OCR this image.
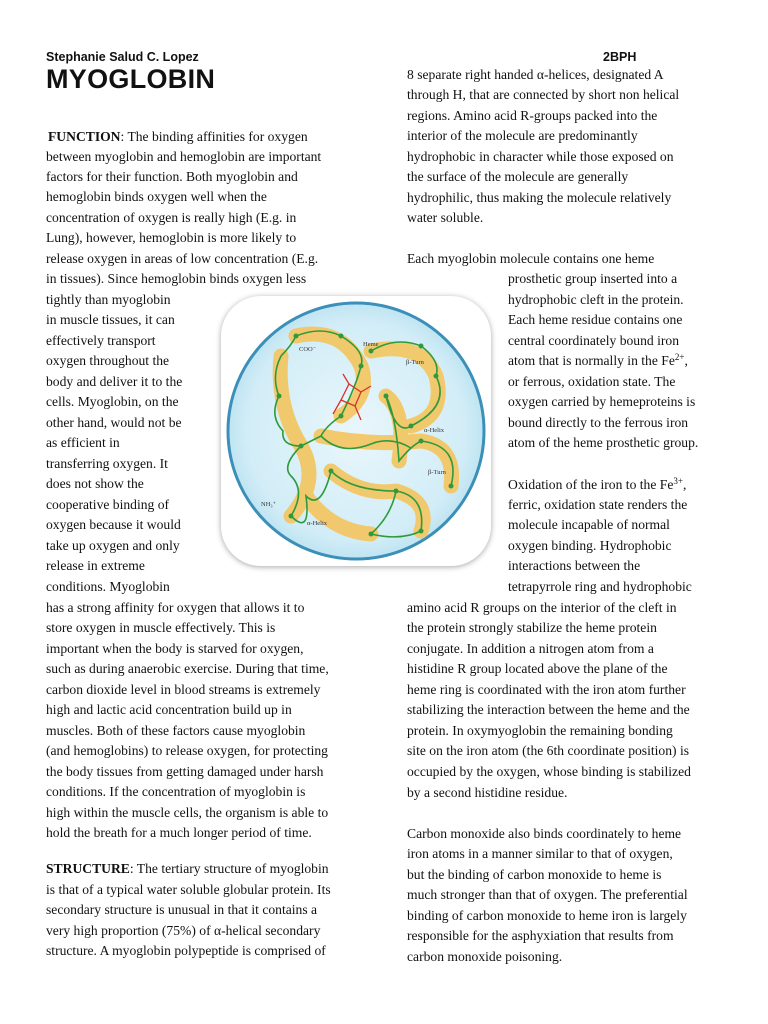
Stephanie Salud C. Lopez	2BPH
MYOGLOBIN
FUNCTION: The binding affinities for oxygen
between myoglobin and hemoglobin are important
factors for their function. Both myoglobin and
hemoglobin binds oxygen well when the
concentration of oxygen is really high (E.g. in
Lung), however, hemoglobin is more likely to
release oxygen in areas of low concentration (E.g.
in tissues). Since hemoglobin binds oxygen less
tightly than myoglobin
in muscle tissues, it can
effectively transport
oxygen throughout the
body and deliver it to the
cells. Myoglobin, on the
other hand, would not be
as efficient in
transferring oxygen. It
does not show the
cooperative binding of
oxygen because it would
take up oxygen and only
release in extreme
conditions. Myoglobin
has a strong affinity for oxygen that allows it to
store oxygen in muscle effectively. This is
important when the body is starved for oxygen,
such as during anaerobic exercise. During that time,
carbon dioxide level in blood streams is extremely
high and lactic acid concentration build up in
muscles. Both of these factors cause myoglobin
(and hemoglobins) to release oxygen, for protecting
the body tissues from getting damaged under harsh
conditions. If the concentration of myoglobin is
high within the muscle cells, the organism is able to
hold the breath for a much longer period of time.
STRUCTURE: The tertiary structure of myoglobin
is that of a typical water soluble globular protein. Its
secondary structure is unusual in that it contains a
very high proportion (75%) of α-helical secondary
structure. A myoglobin polypeptide is comprised of
8 separate right handed α-helices, designated A
through H, that are connected by short non helical
regions. Amino acid R-groups packed into the
interior of the molecule are predominantly
hydrophobic in character while those exposed on
the surface of the molecule are generally
hydrophilic, thus making the molecule relatively
water soluble.
Each myoglobin molecule contains one heme
prosthetic group inserted into a
hydrophobic cleft in the protein.
Each heme residue contains one
central coordinately bound iron
atom that is normally in the $Fe^{2+}$,
or ferrous, oxidation state. The
oxygen carried by hemeproteins is
bound directly to the ferrous iron
atom of the heme prosthetic group.
Oxidation of the iron to the $Fe^{3+}$,
ferric, oxidation state renders the
molecule incapable of normal
oxygen binding. Hydrophobic
interactions between the
tetrapyrrole ring and hydrophobic
amino acid R groups on the interior of the cleft in
the protein strongly stabilize the heme protein
conjugate. In addition a nitrogen atom from a
histidine R group located above the plane of the
heme ring is coordinated with the iron atom further
stabilizing the interaction between the heme and the
protein. In oxymyoglobin the remaining bonding
site on the iron atom (the 6th coordinate position) is
occupied by the oxygen, whose binding is stabilized
by a second histidine residue.
Carbon monoxide also binds coordinately to heme
iron atoms in a manner similar to that of oxygen,
but the binding of carbon monoxide to heme is
much stronger than that of oxygen. The preferential
binding of carbon monoxide to heme iron is largely
responsible for the asphyxiation that results from
carbon monoxide poisoning.
COO⁻
Heme
β-Turn
α-Helix
β-Turn
NH₃⁺
α-Helix
